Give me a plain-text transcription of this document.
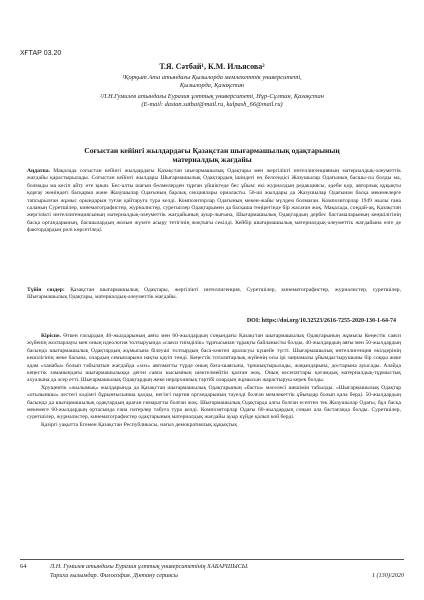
ХҒТАР 03.20
Т.Я. Сәтбай¹, К.М. Ильясова²
¹Қорқыт Ата атындағы Қызылорда мемлекеттік университеті,
Қызылорда, Қазақстан
²Л.Н.Гумилев атындағы Еуразия ұлттық университеті, Нұр-Сұлтан, Қазақстан
(E-mail: dastan.satbai@mail.ru, kulpash_66@mail.ru)
Соғыстан кейінгі жылдардағы Қазақстан шығармашылық одақтарының
материалдық жағдайы
Аңдатпа. Мақалада соғыстан кейінгі жылдардағы Қазақстан шығармашылық Одақтары мен жергілікті интеллигенцияның материалдық-әлеуметтік жағдайы қарастырылады. Соғыстан кейінгі жылдары Шығармашылық Одақтардың ішіндегі ең белсендісі Жазушылар Одағының басшы-сы болды ма, болмады ма кесіп айту өте қиын. Бес-алты шағын бөлмелерден тұрған үйшіктеде бес ұйым: екі журналдың редакциясы, әдеби қор, авторлық құқықты қорғау жөніндегі басқарма және Жазушылар Одағының барлық секциялары орналасты. 50-ші жылдары да Жазушылар Одағынан басқа мекемелерге тапсырылған жұмыс орындарын туған қайтаруға тура келді. Композиторлар Одағының мекен-жайы мүлдем болмаған. Композиторлар 1949 жылы ғана саланың Суретшілер, кинематографистер, журналистер, суретшілер Одақтарымен да басқаша төңірегінде бір жасаған жоқ. Мақалада, соңдай-ақ, Қазақстан жергілікті интеллигенциясының материалдық-әлеуметтік жағдайының ауыр-лығына, Шығармашылық Одақтардың дербес бастамаларының кеңшілігінің басқа органдарының, басшылардың жолын жүзеге асыру тетігінің жоқтығы секілді. Кейбір шығармашылық материалдық-әлеуметтік жағдайына өзге де фактордардың рөлі көрсетіледі.
Түйін сөздер: Қазақстан шығармашылық Одақтары, жергілікті интеллигенция, Суретшілер, кинематографистер, журналистер, суретшілер, Шығармашылық Одақтары, материалдық-әлеуметтік жағдайы.
DOI: https://doi.org/10.32523/2616-7255-2020-130-1-64-74

Кіріспе. Өткен ғасырдың 40-жылдарының аяғы мен 60-жылдардың соңындағы Қазақстан шығармашылық Одақтарының жұмысы Кеңестік саяси жүйенің жоспарлауы мен оның идеология толтыруында «саяси тиімділік» тұрғысынан тұрақты байланысты болды. 40-жылдардың аяғы мен 50-жылдардың басында шығармашылық Одақтардың жұмысына білеуші толтырдың баса-көктеп араласуы күшейе түсті. Шығармашылық интеллигенция өкілдерінің кешілігінің жеке басына, олардың семьяларына нақты қауіп төнді. Кеңестік тоталитарлық жүйенің осы ірі заңнамалы ұйымдастырушыны бір соққы жеке адам «ханабы» болып табылатын жағдайда «хиз» автоматты түрде оның баға-шаясына, тұншықтырылады, жақындарына, достарына ауысады. Алайда кеңестік заманындағы шығармашылыққа деген саяси кысымның шектелмейтін қалған жоқ. Оның кесепаттары қоғамдық материалдық-тұрмыстық ахуалына да әсер етті. Шығармашылық Одақтардың жеке иерархиялық тәртібі олардың жұмысын жарастыруы керек болды.

Хрущевтік «жылымық» жылдарында да Қазақстан шығармашылық Одақтарының «басты» мәселесі шешімін табылды. «Шығармашылық Одақтар «отызыншы» лестегі кәдімгі бұрынғысынша қалды, негізгі партия органдарының тәуелді болған мемлекеттік ұйымдар болып қала берді. 50-жылдардың басында да шығармашылық одақтардың араған ғимаратты болған жоқ. Шығармашылық Одақтарда алғы болған есептен тек Жазушылар Одағы, бұл басқа мекемеге 60-жылдардың ортасында ғана пәтерлер табуға тура келді. Композиторлар Одағы 60-жылдардың соңын ала бастағанда болды. Суретшілер, суретшілер, журналистер, кинематографистер одақтарының материалдық жағдайы ауыр күйде қалып кой берді.

Қазіргі уақытта Егемен Қазақстан Республикасы, нағыз демократиялық құқықтық

64	Л.Н. Гумилев атындағы Еуразия ұлттық университетінің ХАБАРШЫСЫ.
Тарихи ғылымдар. Философия. Дінтану сериясы	1 (130)/2020
